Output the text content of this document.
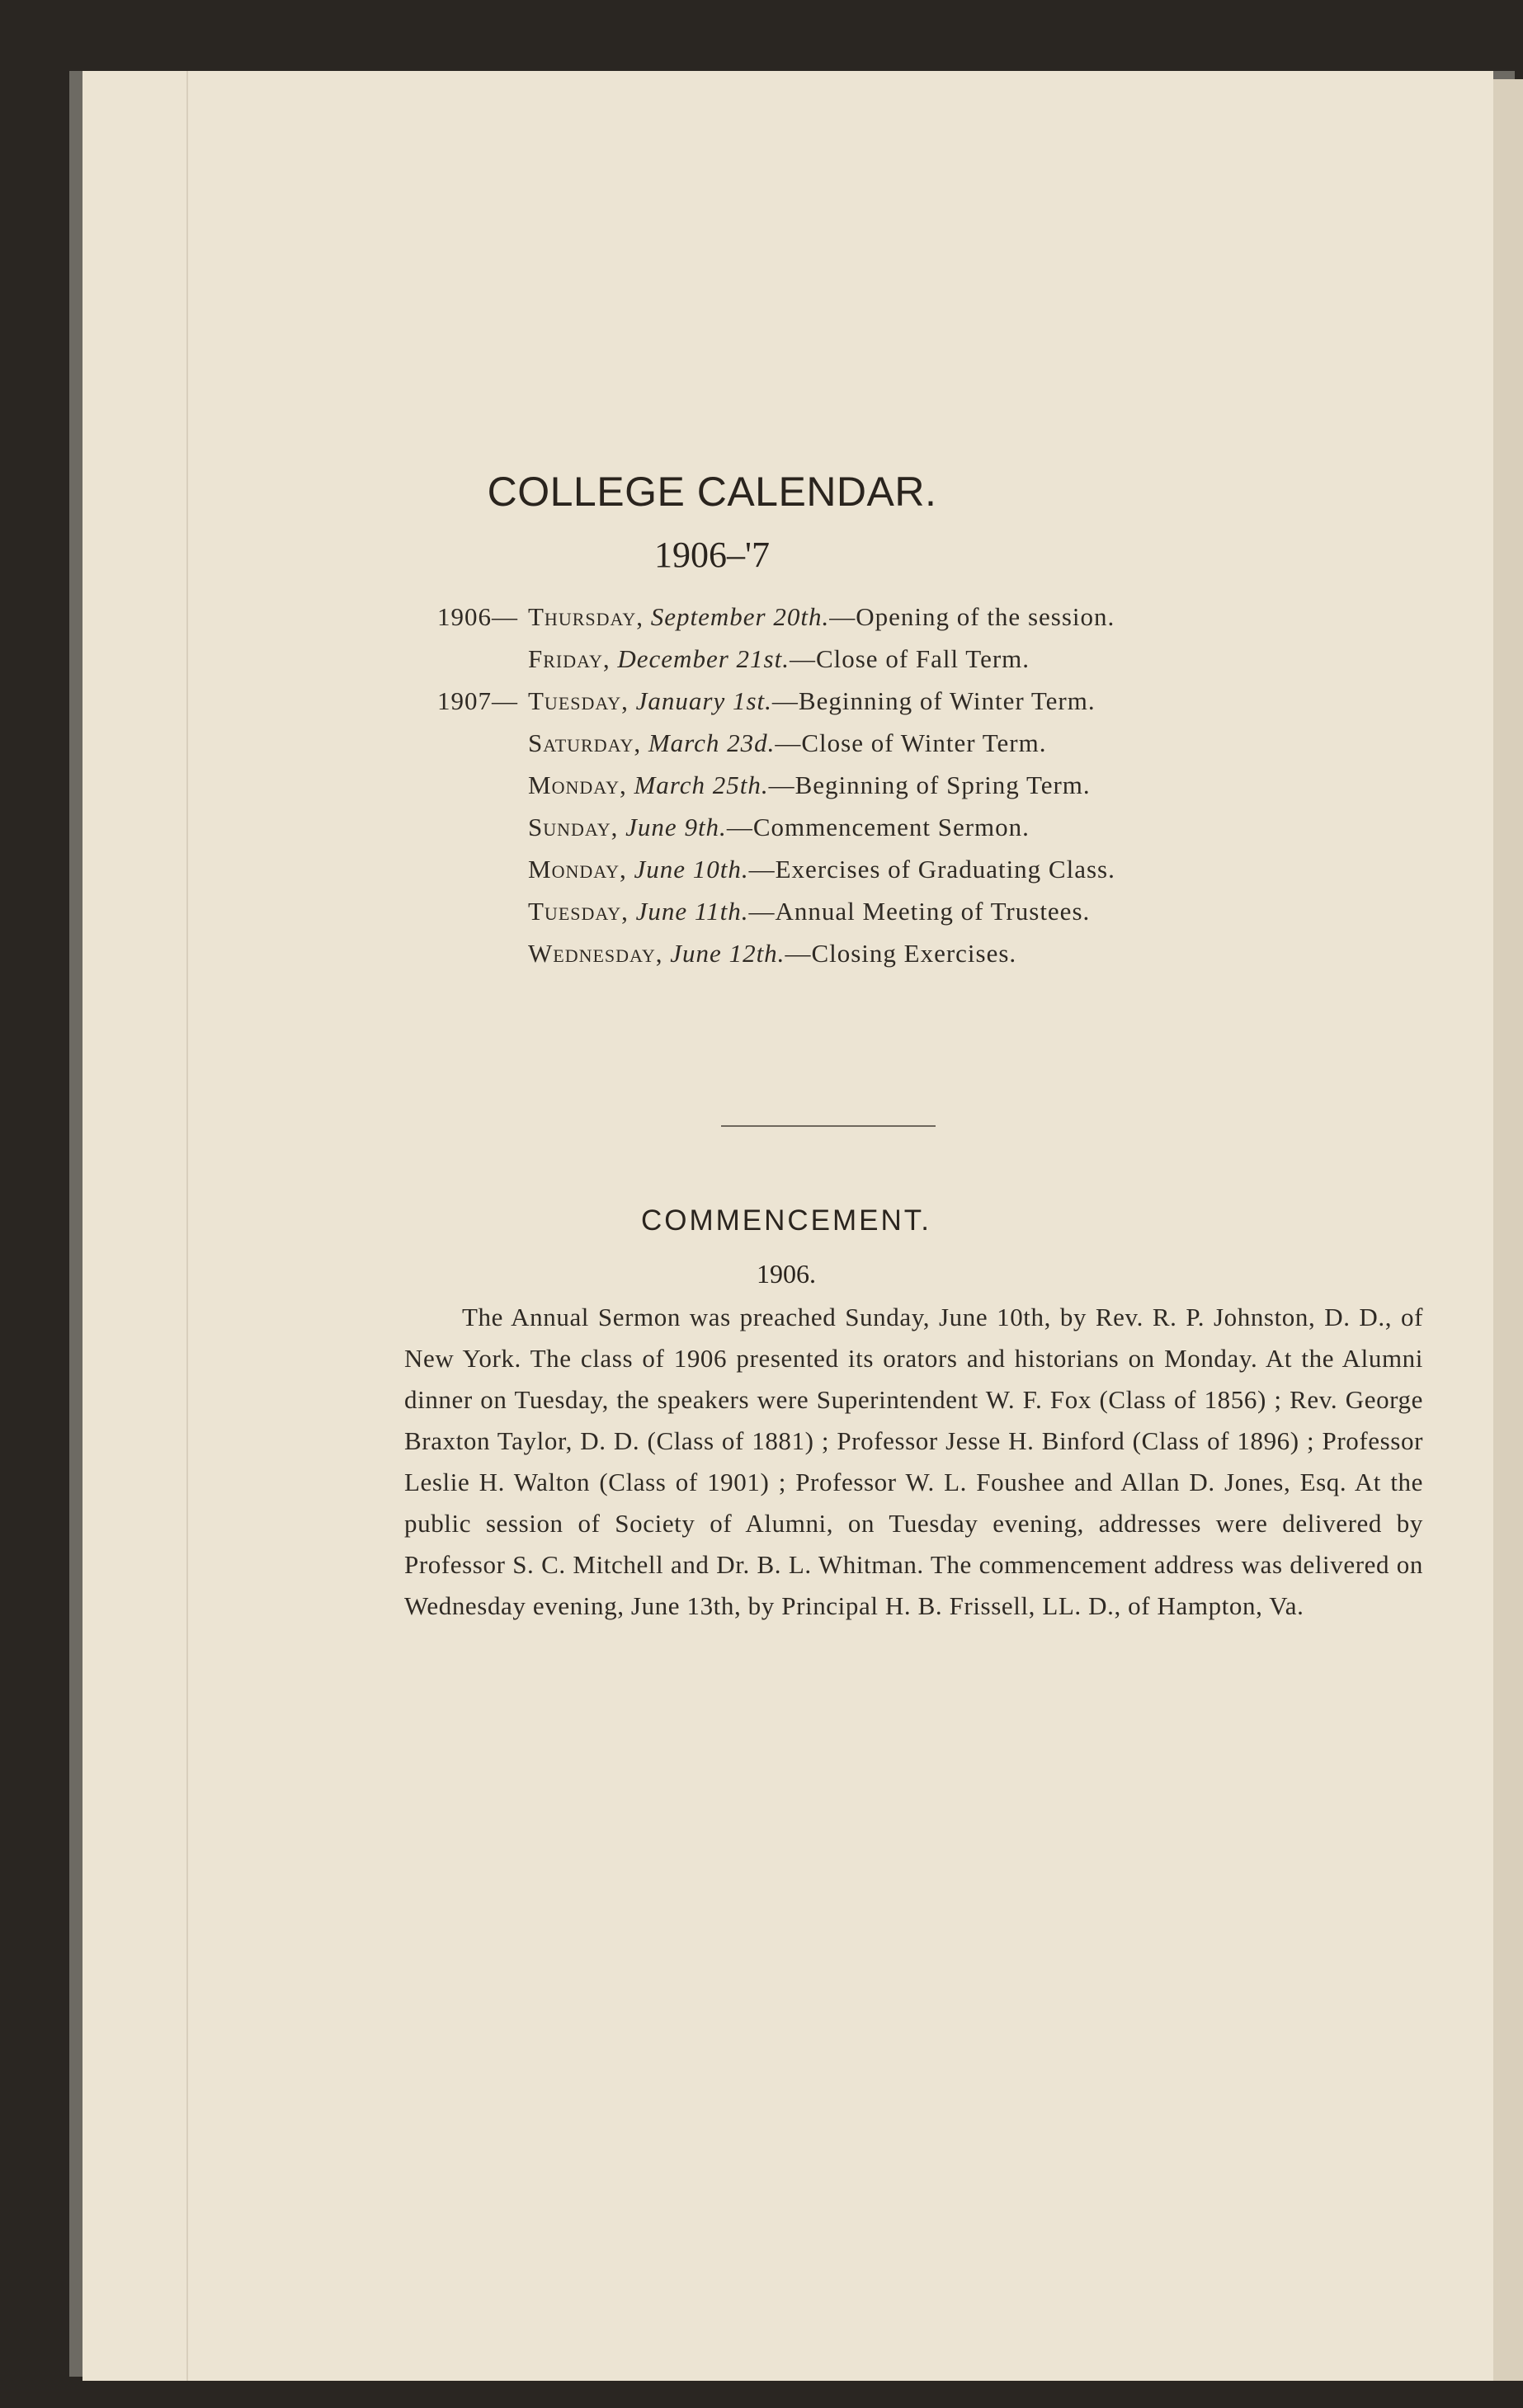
COLLEGE CALENDAR.
1906–'7
1906— Thursday, September 20th.—Opening of the session.
Friday, December 21st.—Close of Fall Term.
1907— Tuesday, January 1st.—Beginning of Winter Term.
Saturday, March 23d.—Close of Winter Term.
Monday, March 25th.—Beginning of Spring Term.
Sunday, June 9th.—Commencement Sermon.
Monday, June 10th.—Exercises of Graduating Class.
Tuesday, June 11th.—Annual Meeting of Trustees.
Wednesday, June 12th.—Closing Exercises.
COMMENCEMENT.
1906.

The Annual Sermon was preached Sunday, June 10th, by Rev. R. P. Johnston, D. D., of New York. The class of 1906 presented its orators and historians on Monday. At the Alumni dinner on Tuesday, the speakers were Superintendent W. F. Fox (Class of 1856) ; Rev. George Braxton Taylor, D. D. (Class of 1881) ; Professor Jesse H. Binford (Class of 1896) ; Professor Leslie H. Walton (Class of 1901) ; Professor W. L. Foushee and Allan D. Jones, Esq. At the public session of Society of Alumni, on Tuesday evening, addresses were delivered by Professor S. C. Mitchell and Dr. B. L. Whitman. The commencement address was delivered on Wednesday evening, June 13th, by Principal H. B. Frissell, LL. D., of Hampton, Va.
